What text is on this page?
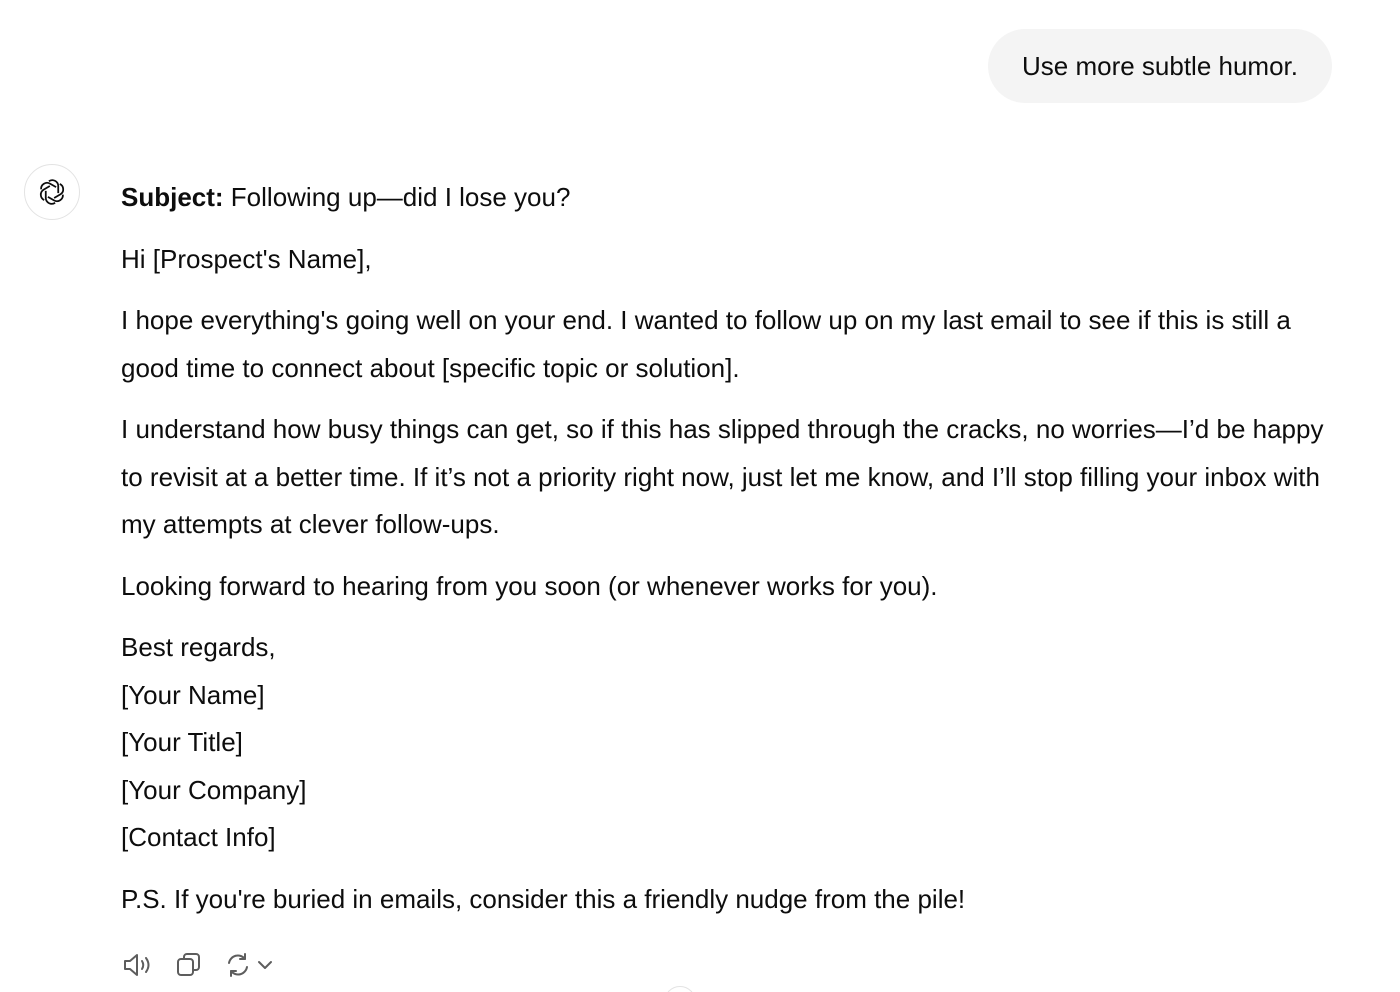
Use more subtle humor.

Subject: Following up—did I lose you?

Hi [Prospect's Name],

I hope everything's going well on your end. I wanted to follow up on my last email to see if this is still a good time to connect about [specific topic or solution].

I understand how busy things can get, so if this has slipped through the cracks, no worries—I’d be happy to revisit at a better time. If it’s not a priority right now, just let me know, and I’ll stop filling your inbox with my attempts at clever follow-ups.

Looking forward to hearing from you soon (or whenever works for you).

Best regards,
[Your Name]
[Your Title]
[Your Company]
[Contact Info]

P.S. If you're buried in emails, consider this a friendly nudge from the pile!
